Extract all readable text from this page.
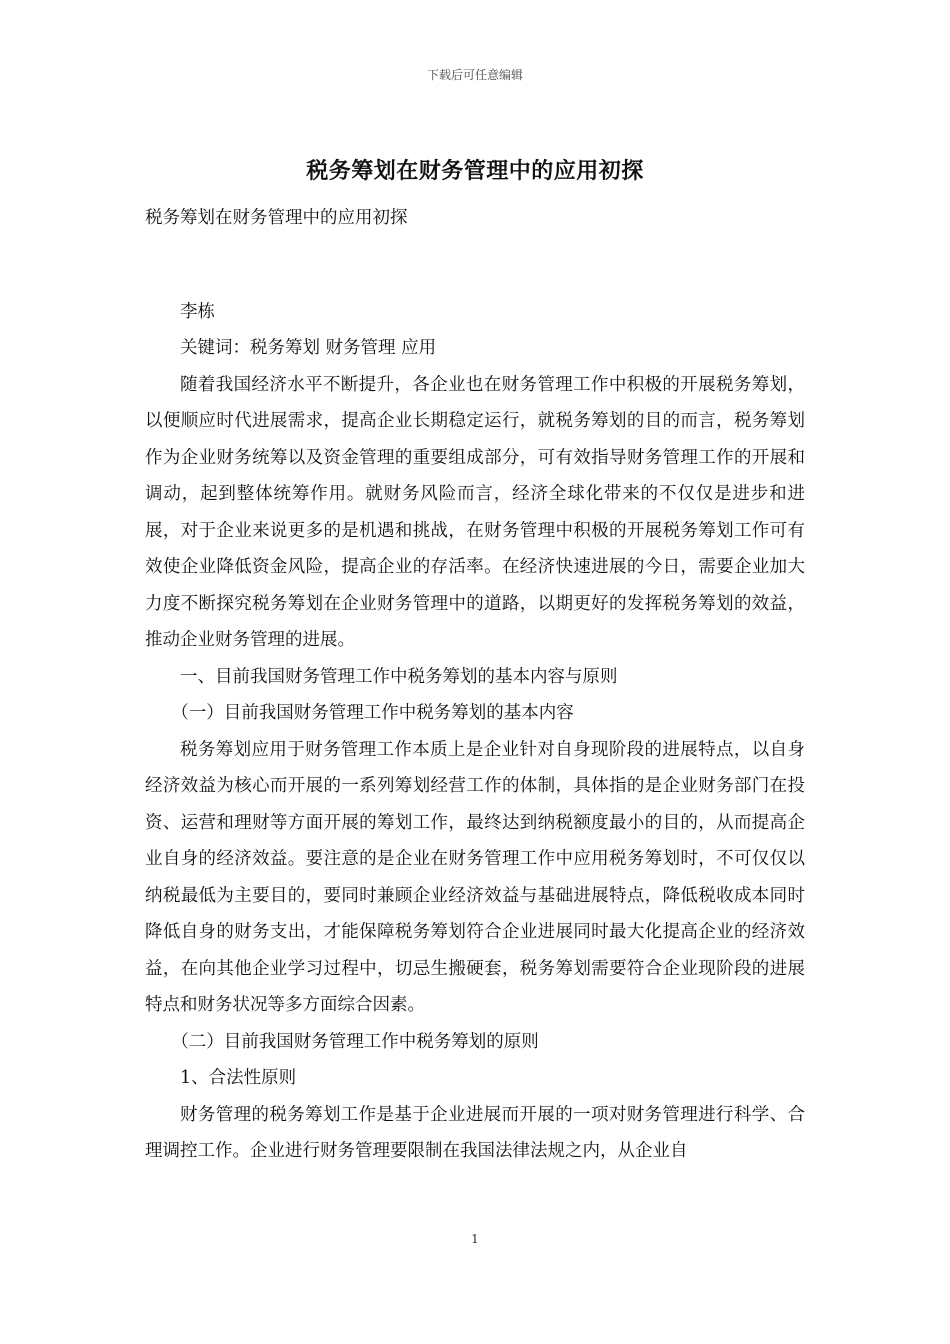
下载后可任意编辑
税务筹划在财务管理中的应用初探

税务筹划在财务管理中的应用初探

李栋

关键词：税务筹划 财务管理 应用

随着我国经济水平不断提升，各企业也在财务管理工作中积极的开展税务筹划，以便顺应时代进展需求，提高企业长期稳定运行，就税务筹划的目的而言，税务筹划作为企业财务统筹以及资金管理的重要组成部分，可有效指导财务管理工作的开展和调动，起到整体统筹作用。就财务风险而言，经济全球化带来的不仅仅是进步和进展，对于企业来说更多的是机遇和挑战，在财务管理中积极的开展税务筹划工作可有效使企业降低资金风险，提高企业的存活率。在经济快速进展的今日，需要企业加大力度不断探究税务筹划在企业财务管理中的道路，以期更好的发挥税务筹划的效益，推动企业财务管理的进展。

一、目前我国财务管理工作中税务筹划的基本内容与原则

（一）目前我国财务管理工作中税务筹划的基本内容

税务筹划应用于财务管理工作本质上是企业针对自身现阶段的进展特点，以自身经济效益为核心而开展的一系列筹划经营工作的体制，具体指的是企业财务部门在投资、运营和理财等方面开展的筹划工作，最终达到纳税额度最小的目的，从而提高企业自身的经济效益。要注意的是企业在财务管理工作中应用税务筹划时，不可仅仅以纳税最低为主要目的，要同时兼顾企业经济效益与基础进展特点，降低税收成本同时降低自身的财务支出，才能保障税务筹划符合企业进展同时最大化提高企业的经济效益，在向其他企业学习过程中，切忌生搬硬套，税务筹划需要符合企业现阶段的进展特点和财务状况等多方面综合因素。

（二）目前我国财务管理工作中税务筹划的原则

1、合法性原则

财务管理的税务筹划工作是基于企业进展而开展的一项对财务管理进行科学、合理调控工作。企业进行财务管理要限制在我国法律法规之内，从企业自

1
